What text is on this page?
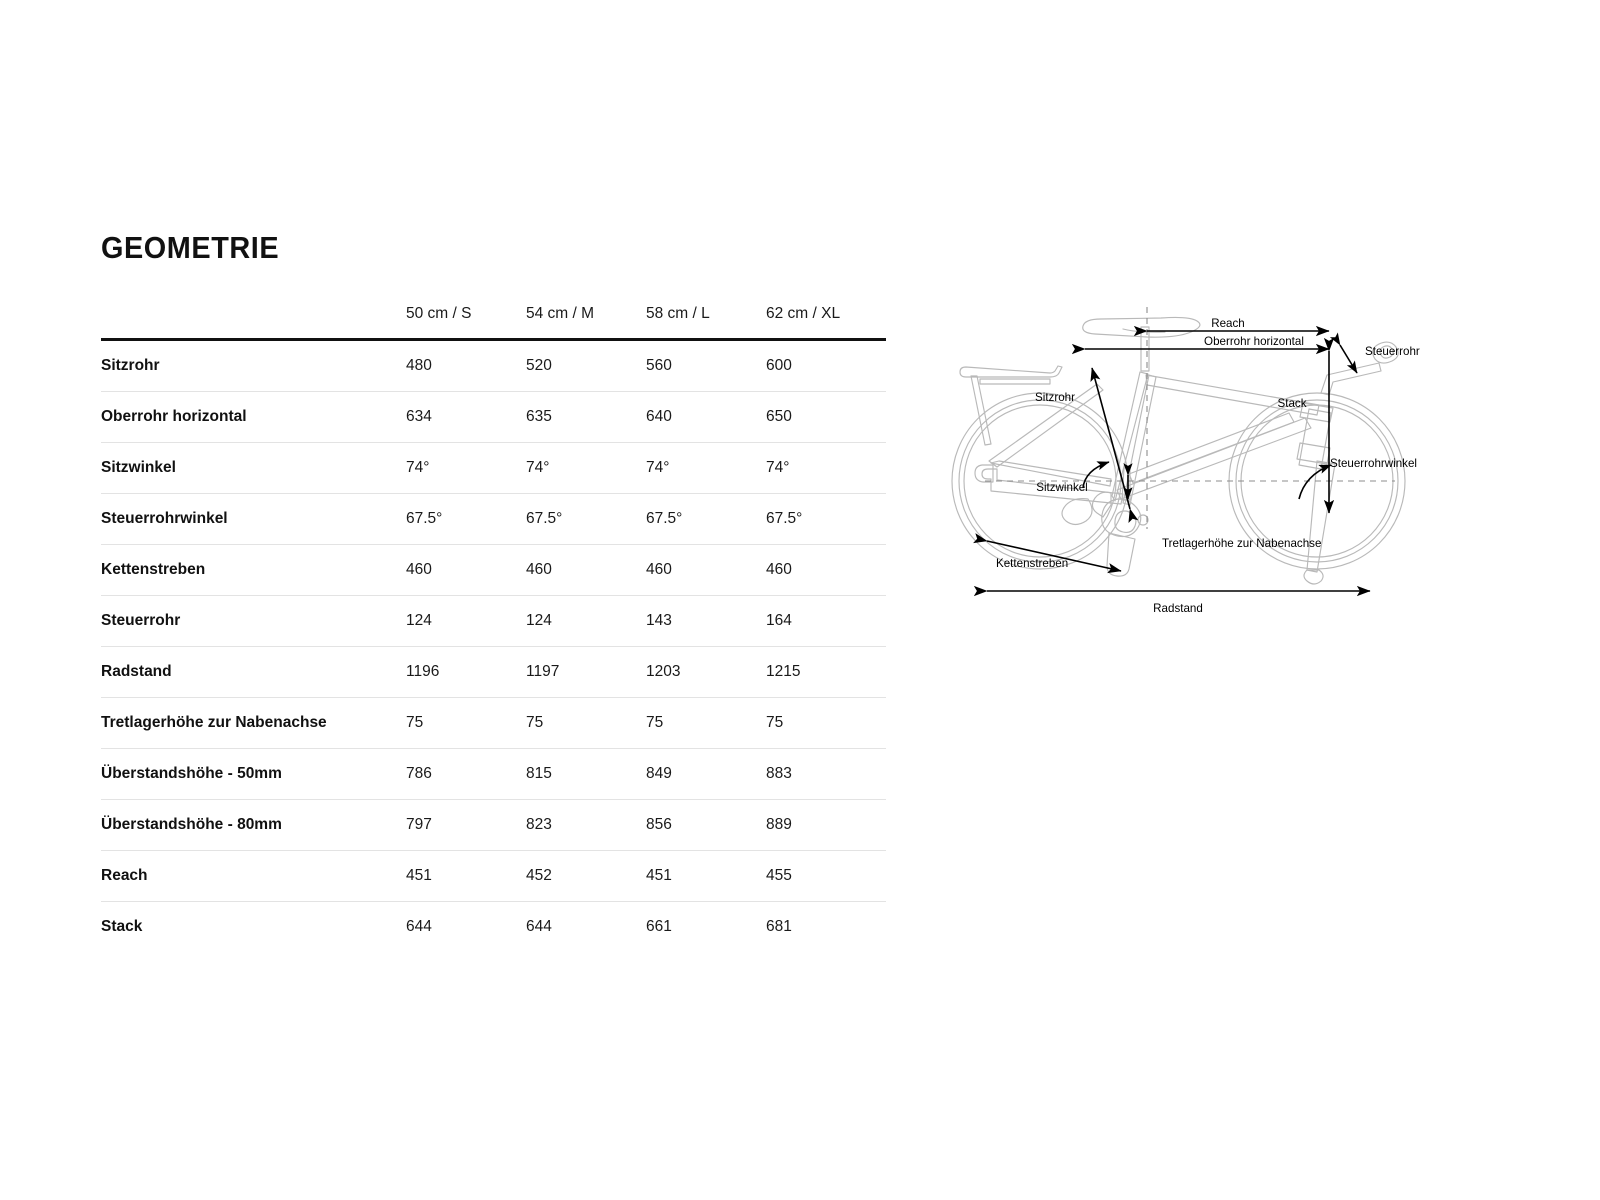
GEOMETRIE
	50 cm / S	54 cm / M	58 cm / L	62 cm / XL
Sitzrohr	480	520	560	600
Oberrohr horizontal	634	635	640	650
Sitzwinkel	74°	74°	74°	74°
Steuerrohrwinkel	67.5°	67.5°	67.5°	67.5°
Kettenstreben	460	460	460	460
Steuerrohr	124	124	143	164
Radstand	1196	1197	1203	1215
Tretlagerhöhe zur Nabenachse	75	75	75	75
Überstandshöhe - 50mm	786	815	849	883
Überstandshöhe - 80mm	797	823	856	889
Reach	451	452	451	455
Stack	644	644	661	681
Reach
Oberrohr horizontal
Steuerrohr
Stack
Steuerrohrwinkel
Sitzrohr
Sitzwinkel
Tretlagerhöhe zur Nabenachse
Kettenstreben
Radstand
